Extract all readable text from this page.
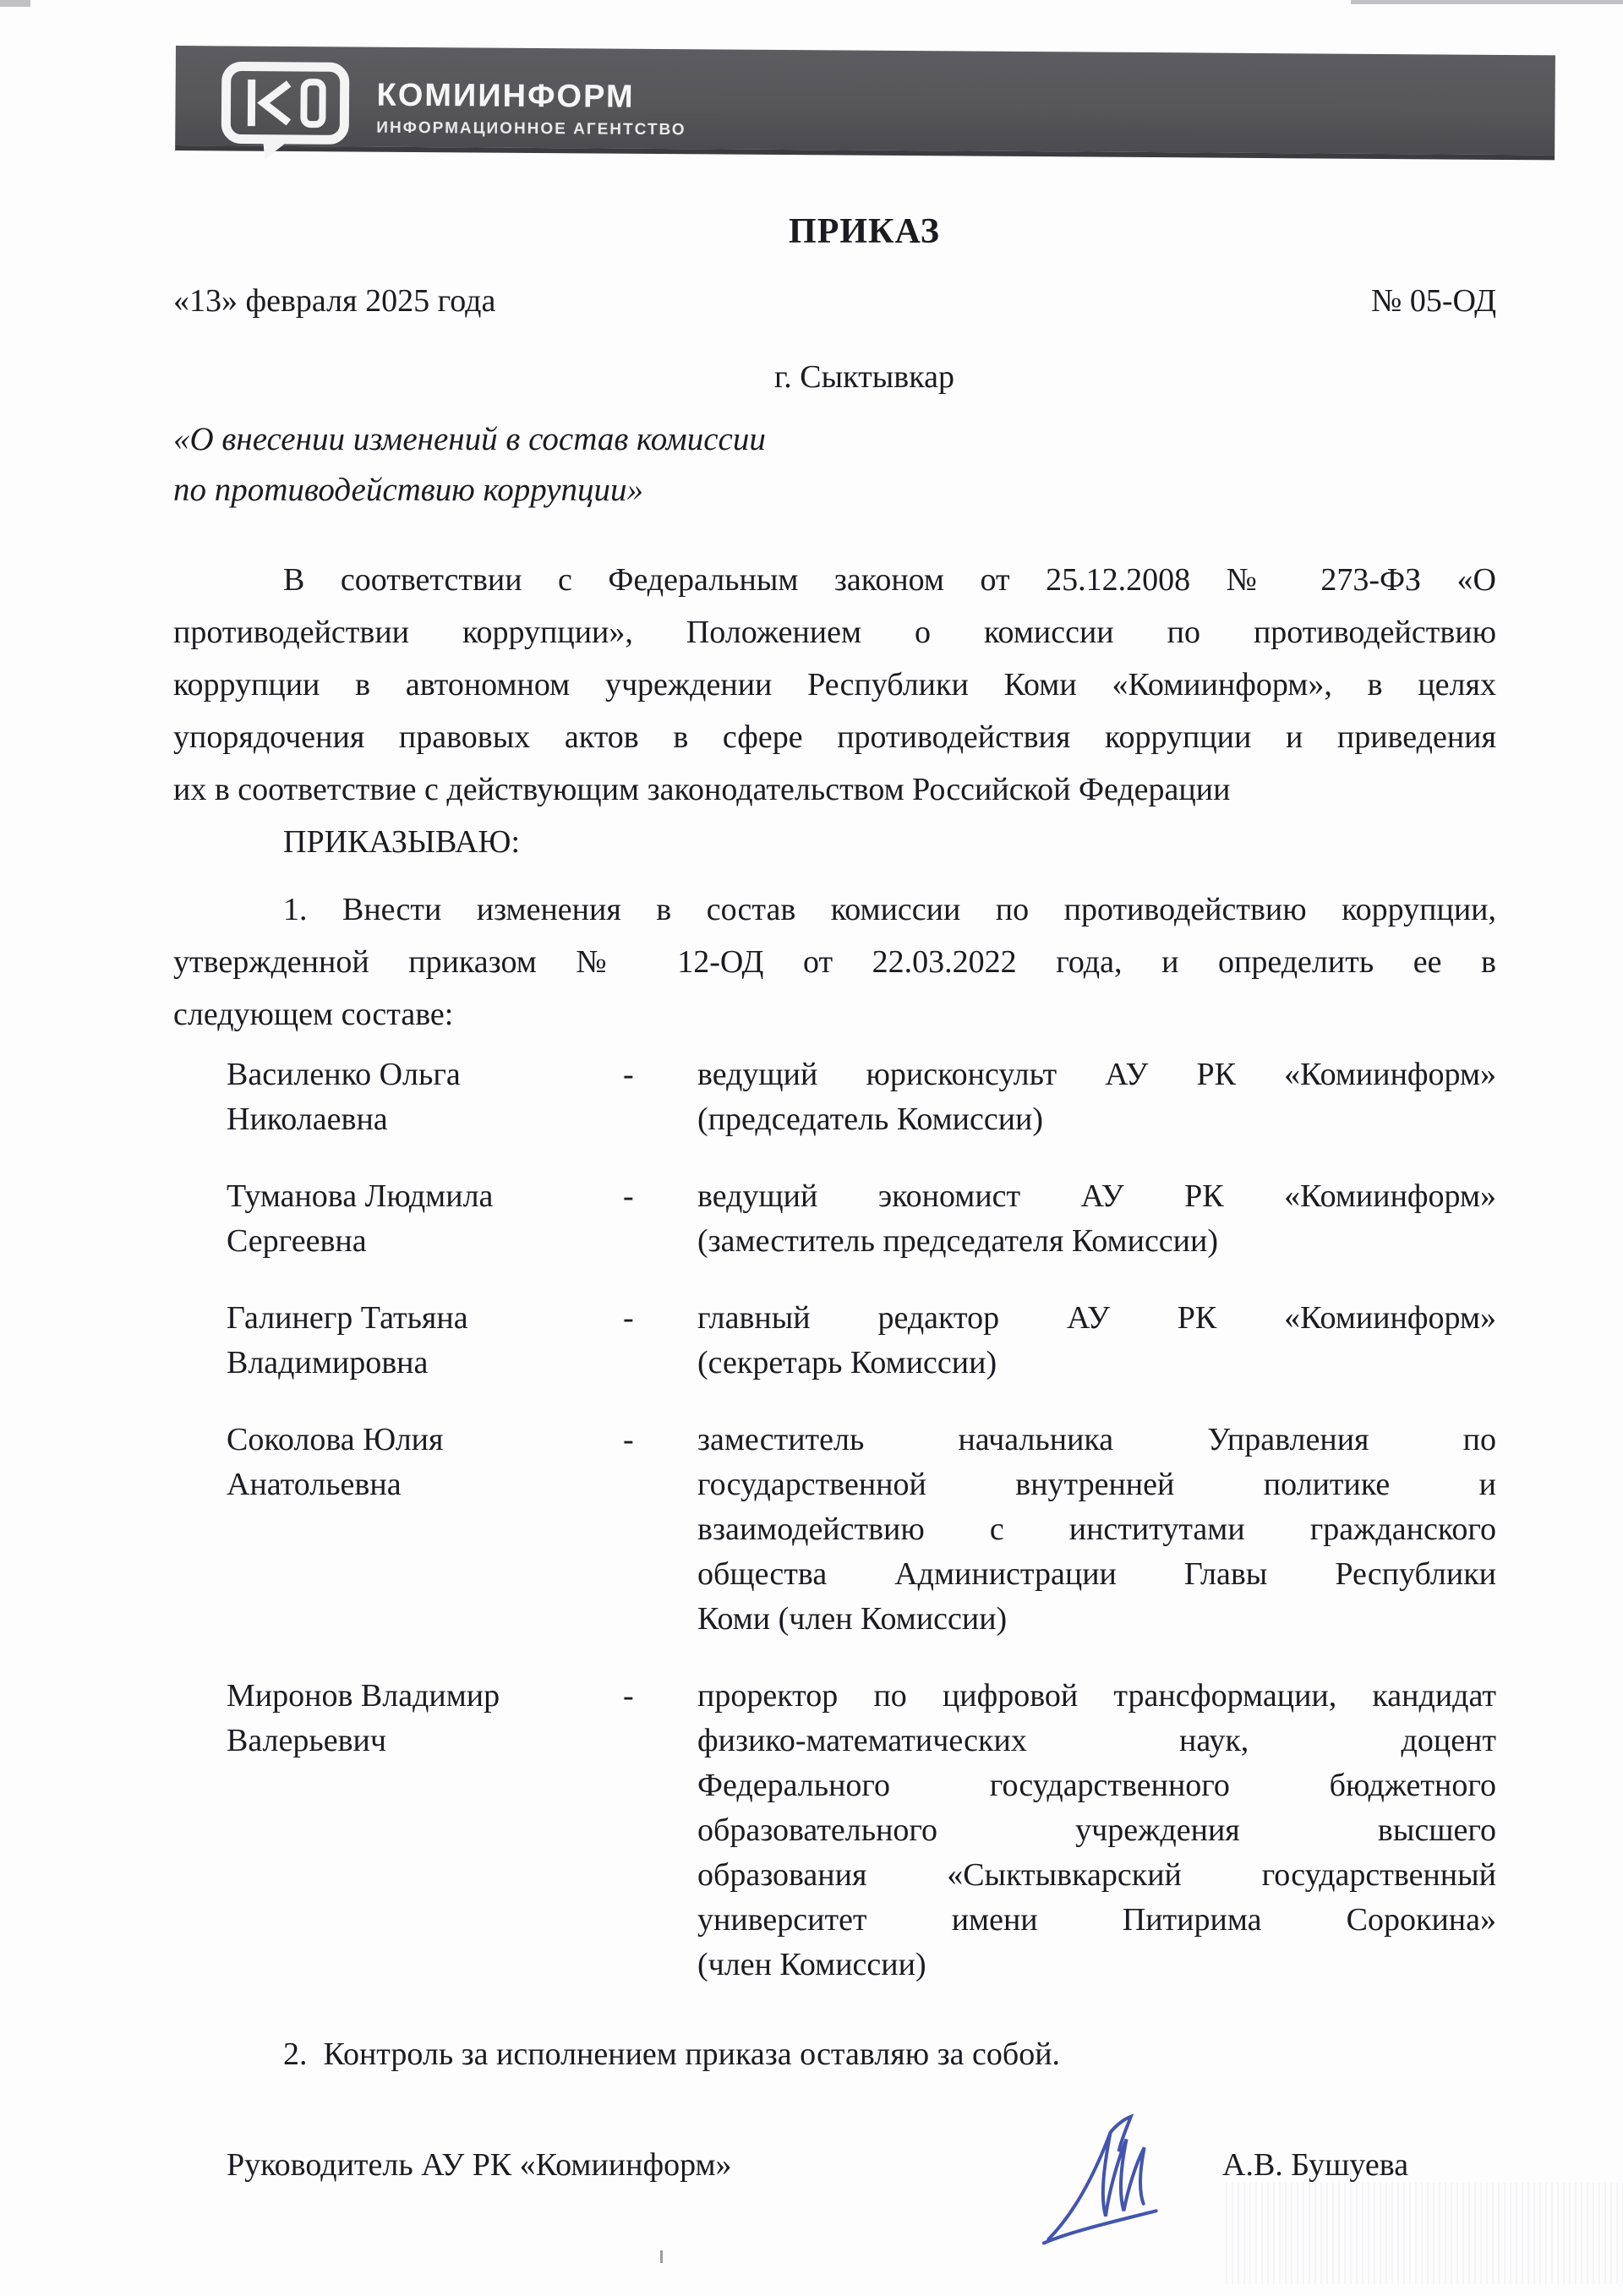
КОМИИНФОРМ
ИНФОРМАЦИОННОЕ АГЕНТСТВО
ПРИКАЗ
«13» февраля 2025 года	№ 05-ОД
г. Сыктывкар
«О внесении изменений в состав комиссии
по противодействию коррупции»
В соответствии с Федеральным законом от 25.12.2008 № 273-ФЗ «О
противодействии коррупции», Положением о комиссии по противодействию
коррупции в автономном учреждении Республики Коми «Комиинформ», в целях
упорядочения правовых актов в сфере противодействия коррупции и приведения
их в соответствие с действующим законодательством Российской Федерации
ПРИКАЗЫВАЮ:
1. Внести изменения в состав комиссии по противодействию коррупции,
утвержденной приказом № 12-ОД от 22.03.2022 года, и определить ее в
следующем составе:
Василенко Ольга
Николаевна
-	ведущий юрисконсульт АУ РК «Комиинформ»
(председатель Комиссии)
Туманова Людмила
Сергеевна
-	ведущий экономист АУ РК «Комиинформ»
(заместитель председателя Комиссии)
Галинегр Татьяна
Владимировна
-	главный редактор АУ РК «Комиинформ»
(секретарь Комиссии)
Соколова Юлия
Анатольевна
-	заместитель начальника Управления по
государственной внутренней политике и
взаимодействию с институтами гражданского
общества Администрации Главы Республики
Коми (член Комиссии)
Миронов Владимир
Валерьевич
-	проректор по цифровой трансформации, кандидат
физико-математических наук, доцент
Федерального государственного бюджетного
образовательного учреждения высшего
образования «Сыктывкарский государственный
университет имени Питирима Сорокина»
(член Комиссии)
2.  Контроль за исполнением приказа оставляю за собой.
Руководитель АУ РК «Комиинформ»	А.В. Бушуева
